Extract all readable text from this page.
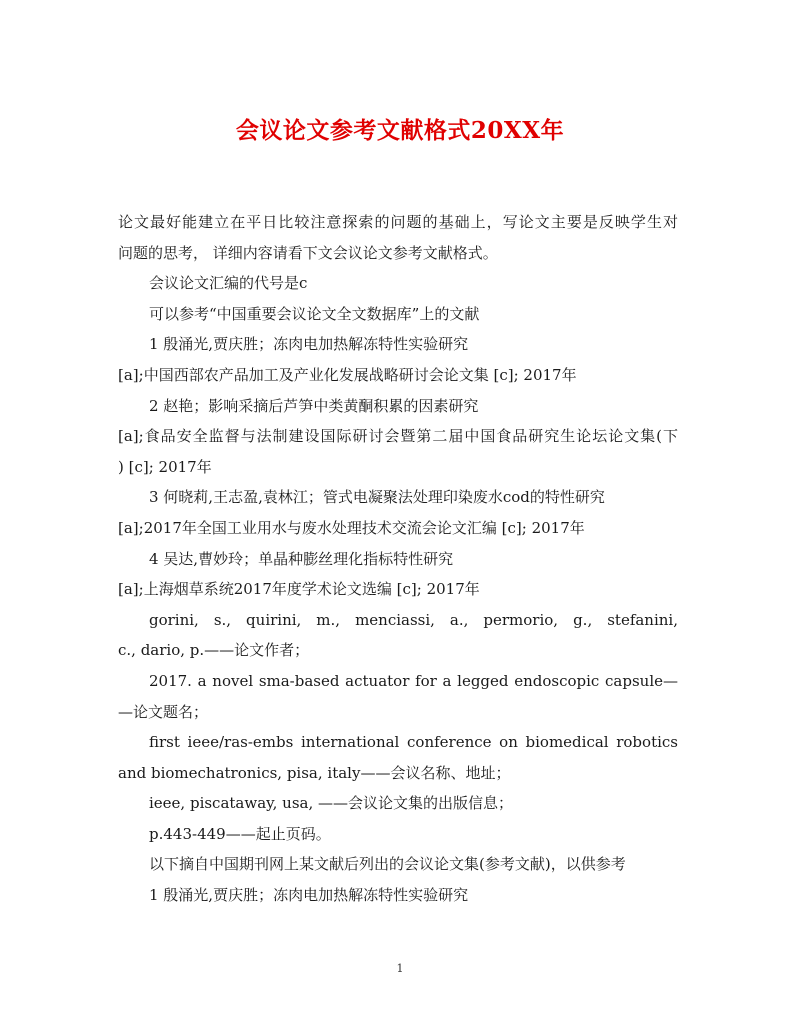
会议论文参考文献格式20XX年
论文最好能建立在平日比较注意探索的问题的基础上，写论文主要是反映学生对
问题的思考， 详细内容请看下文会议论文参考文献格式。
会议论文汇编的代号是c
可以参考“中国重要会议论文全文数据库”上的文献
1 殷涌光,贾庆胜；冻肉电加热解冻特性实验研究
[a];中国西部农产品加工及产业化发展战略研讨会论文集 [c]; 2017年
2 赵艳；影响采摘后芦笋中类黄酮积累的因素研究
[a];食品安全监督与法制建设国际研讨会暨第二届中国食品研究生论坛论文集(下
) [c]; 2017年
3 何晓莉,王志盈,袁林江；管式电凝聚法处理印染废水cod的特性研究
[a];2017年全国工业用水与废水处理技术交流会论文汇编 [c]; 2017年
4 吴达,曹妙玲；单晶种膨丝理化指标特性研究
[a];上海烟草系统2017年度学术论文选编 [c]; 2017年
gorini, s., quirini, m., menciassi, a., permorio, g., stefanini,
c., dario, p.——论文作者；
2017. a novel sma-based actuator for a legged endoscopic capsule—
—论文题名；
first ieee/ras-embs international conference on biomedical robotics
and biomechatronics, pisa, italy——会议名称、地址；
ieee, piscataway, usa, ——会议论文集的出版信息；
p.443-449——起止页码。
以下摘自中国期刊网上某文献后列出的会议论文集(参考文献)，以供参考
1 殷涌光,贾庆胜；冻肉电加热解冻特性实验研究
1
